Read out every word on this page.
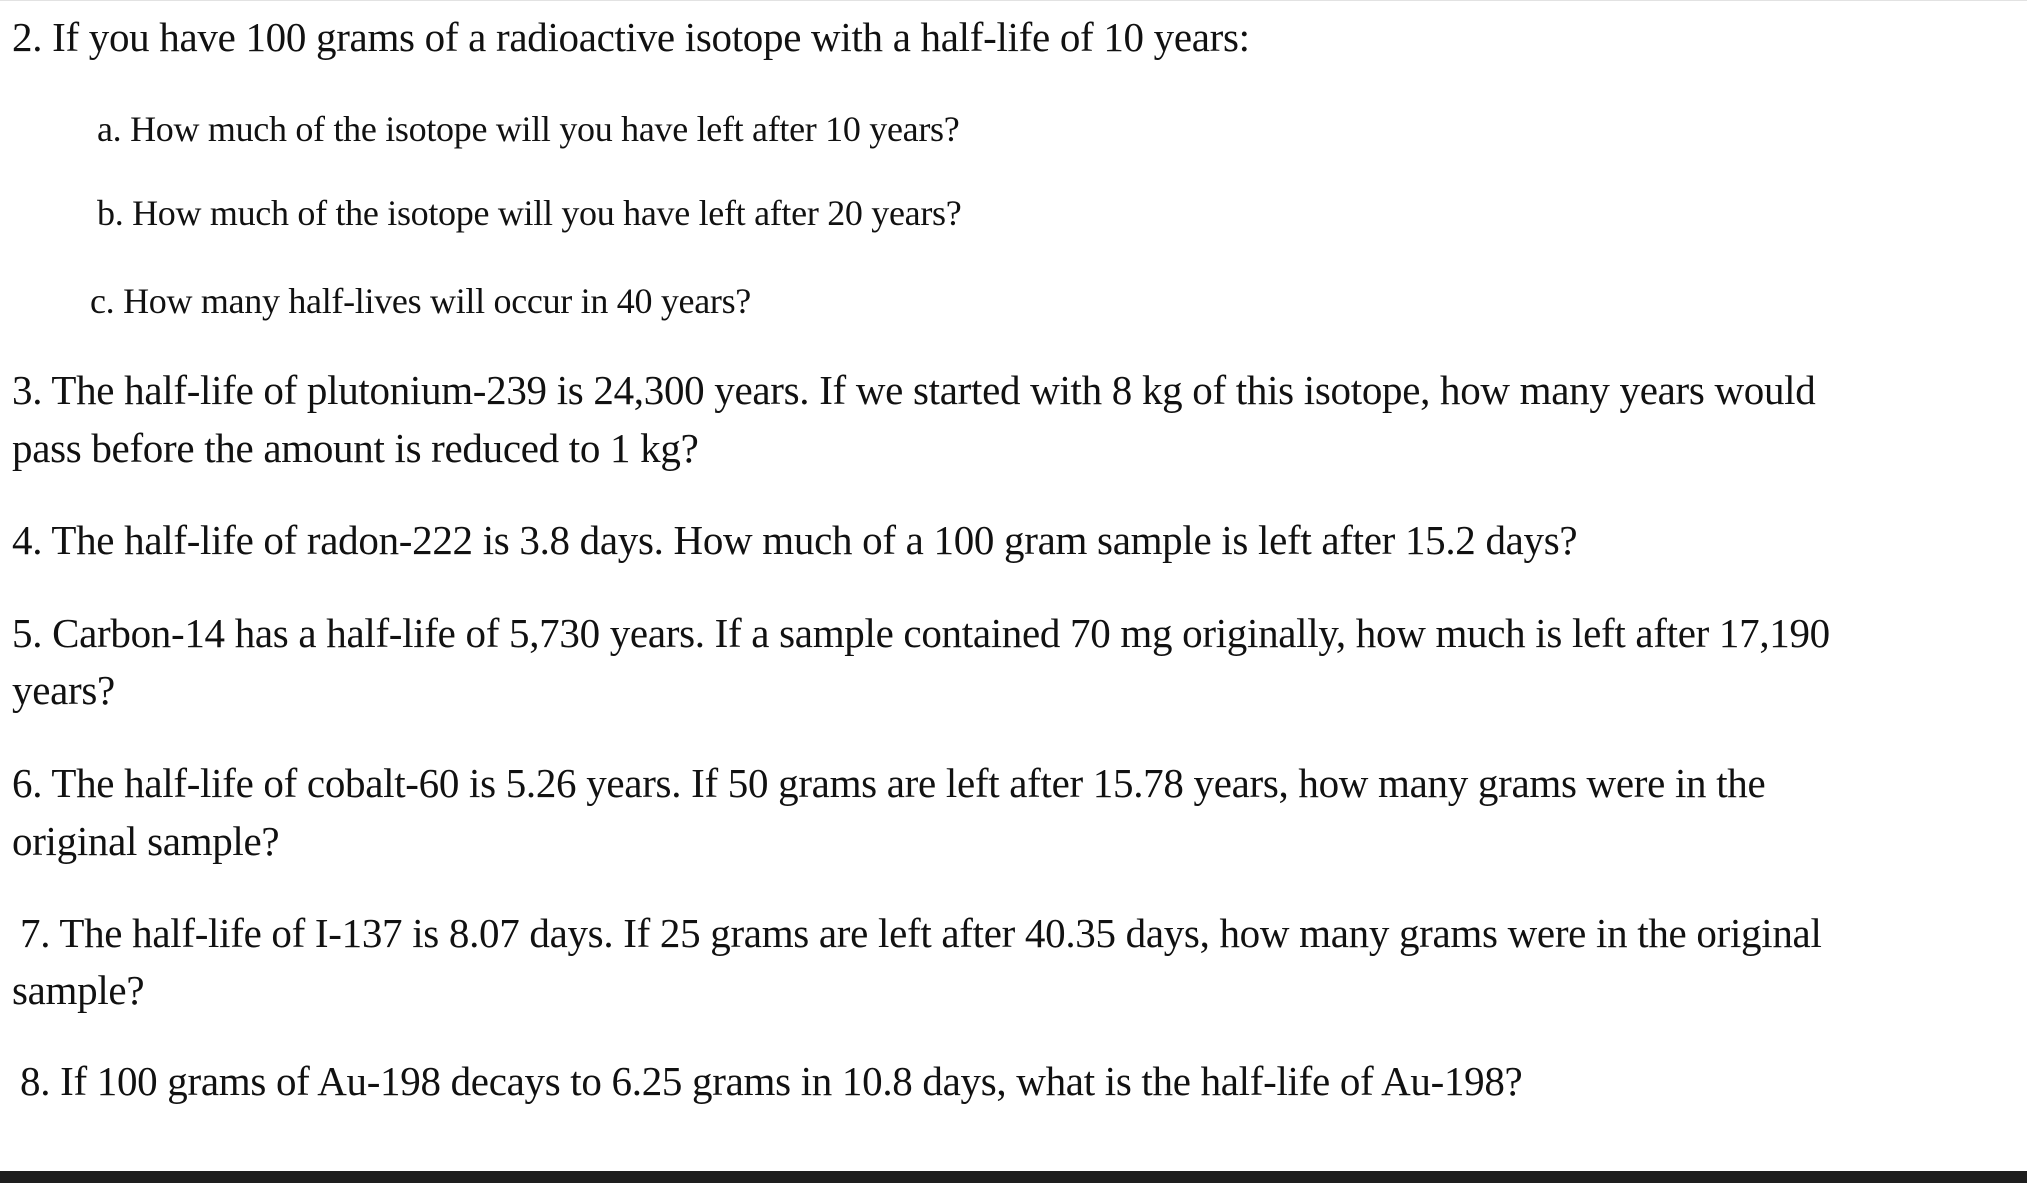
2. If you have 100 grams of a radioactive isotope with a half-life of 10 years:
a. How much of the isotope will you have left after 10 years?
b. How much of the isotope will you have left after 20 years?
c. How many half-lives will occur in 40 years?
3. The half-life of plutonium-239 is 24,300 years. If we started with 8 kg of this isotope, how many years would
pass before the amount is reduced to 1 kg?
4. The half-life of radon-222 is 3.8 days. How much of a 100 gram sample is left after 15.2 days?
5. Carbon-14 has a half-life of 5,730 years. If a sample contained 70 mg originally, how much is left after 17,190
years?
6. The half-life of cobalt-60 is 5.26 years. If 50 grams are left after 15.78 years, how many grams were in the
original sample?
7. The half-life of I-137 is 8.07 days. If 25 grams are left after 40.35 days, how many grams were in the original
sample?
8. If 100 grams of Au-198 decays to 6.25 grams in 10.8 days, what is the half-life of Au-198?
